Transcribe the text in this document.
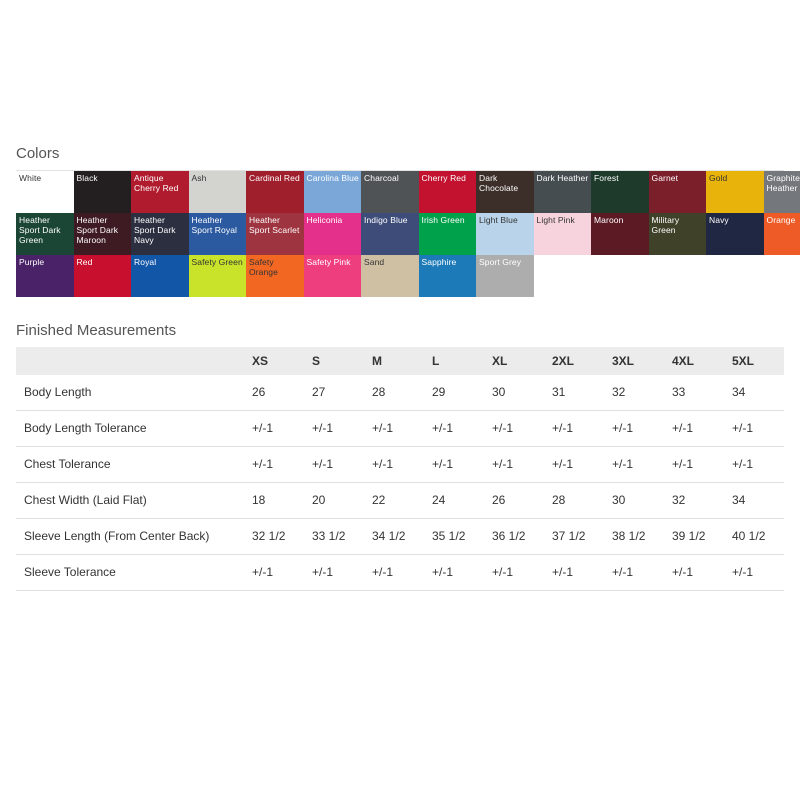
Colors
White	Black	Antique Cherry Red
Ash	Cardinal Red Carolina Blue Charcoal	Cherry Red	Dark Chocolate
Dark Heather Forest	Garnet	Gold	Graphite Heather
Heather Sport Dark Green
Heather Sport Dark Maroon
Heather Sport Dark Navy
Heather Sport Royal
Heather Sport Scarlet
Heliconia	Indigo Blue	Irish Green	Light Blue	Light Pink	Maroon	Military Green
Navy	Orange
Purple	Red	Royal	Safety Green Safety Orange
Safety Pink	Sand	Sapphire	Sport Grey
Finished Measurements
	XS	S	M	L	XL	2XL	3XL	4XL	5XL
Body Length	26	27	28	29	30	31	32	33	34
Body Length Tolerance	+/-1	+/-1	+/-1	+/-1	+/-1	+/-1	+/-1	+/-1	+/-1
Chest Tolerance	+/-1	+/-1	+/-1	+/-1	+/-1	+/-1	+/-1	+/-1	+/-1
Chest Width (Laid Flat)	18	20	22	24	26	28	30	32	34
Sleeve Length (From Center Back)	32 1/2	33 1/2	34 1/2	35 1/2	36 1/2	37 1/2	38 1/2	39 1/2	40 1/2
Sleeve Tolerance	+/-1	+/-1	+/-1	+/-1	+/-1	+/-1	+/-1	+/-1	+/-1
